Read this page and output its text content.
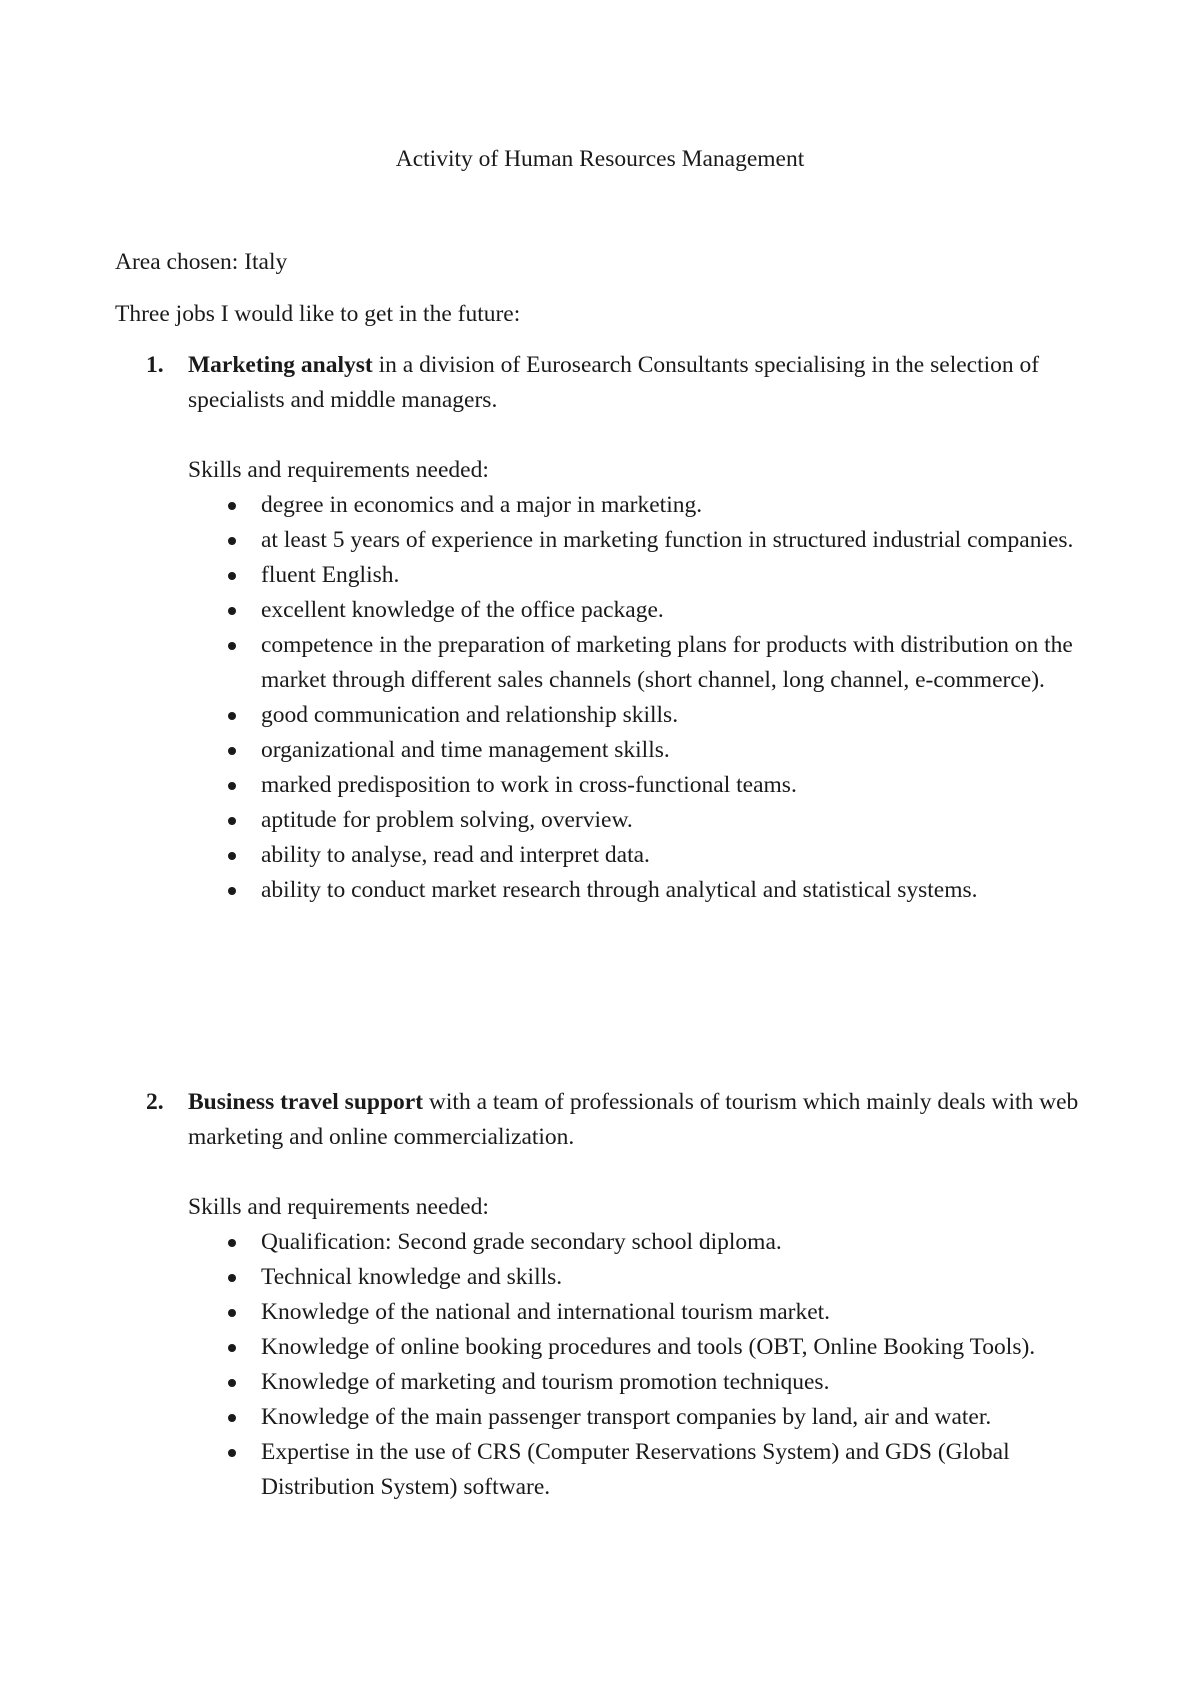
Activity of Human Resources Management

Area chosen: Italy

Three jobs I would like to get in the future:

1. Marketing analyst in a division of Eurosearch Consultants specialising in the selection of specialists and middle managers.

Skills and requirements needed:

degree in economics and a major in marketing.
at least 5 years of experience in marketing function in structured industrial companies.
fluent English.
excellent knowledge of the office package.
competence in the preparation of marketing plans for products with distribution on the market through different sales channels (short channel, long channel, e-commerce).
good communication and relationship skills.
organizational and time management skills.
marked predisposition to work in cross-functional teams.
aptitude for problem solving, overview.
ability to analyse, read and interpret data.
ability to conduct market research through analytical and statistical systems.

2. Business travel support with a team of professionals of tourism which mainly deals with web marketing and online commercialization.

Skills and requirements needed:

Qualification: Second grade secondary school diploma.
Technical knowledge and skills.
Knowledge of the national and international tourism market.
Knowledge of online booking procedures and tools (OBT, Online Booking Tools).
Knowledge of marketing and tourism promotion techniques.
Knowledge of the main passenger transport companies by land, air and water.
Expertise in the use of CRS (Computer Reservations System) and GDS (Global Distribution System) software.
